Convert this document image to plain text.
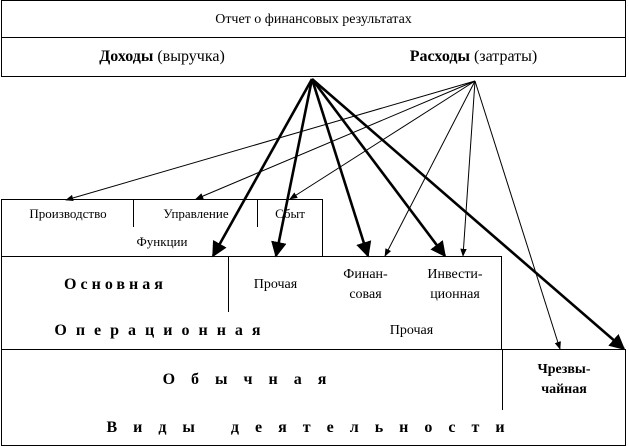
Отчет о финансовых результатах
Доходы
(выручка)	Расходы
(затраты)
Производство	Управление	Сбыт
Функции
Основная	Прочая
Финан-
совая
Инвести-
ционная
Операционная	Прочая
Обычная
Чрезвы-
чайная
Виды деятельности
